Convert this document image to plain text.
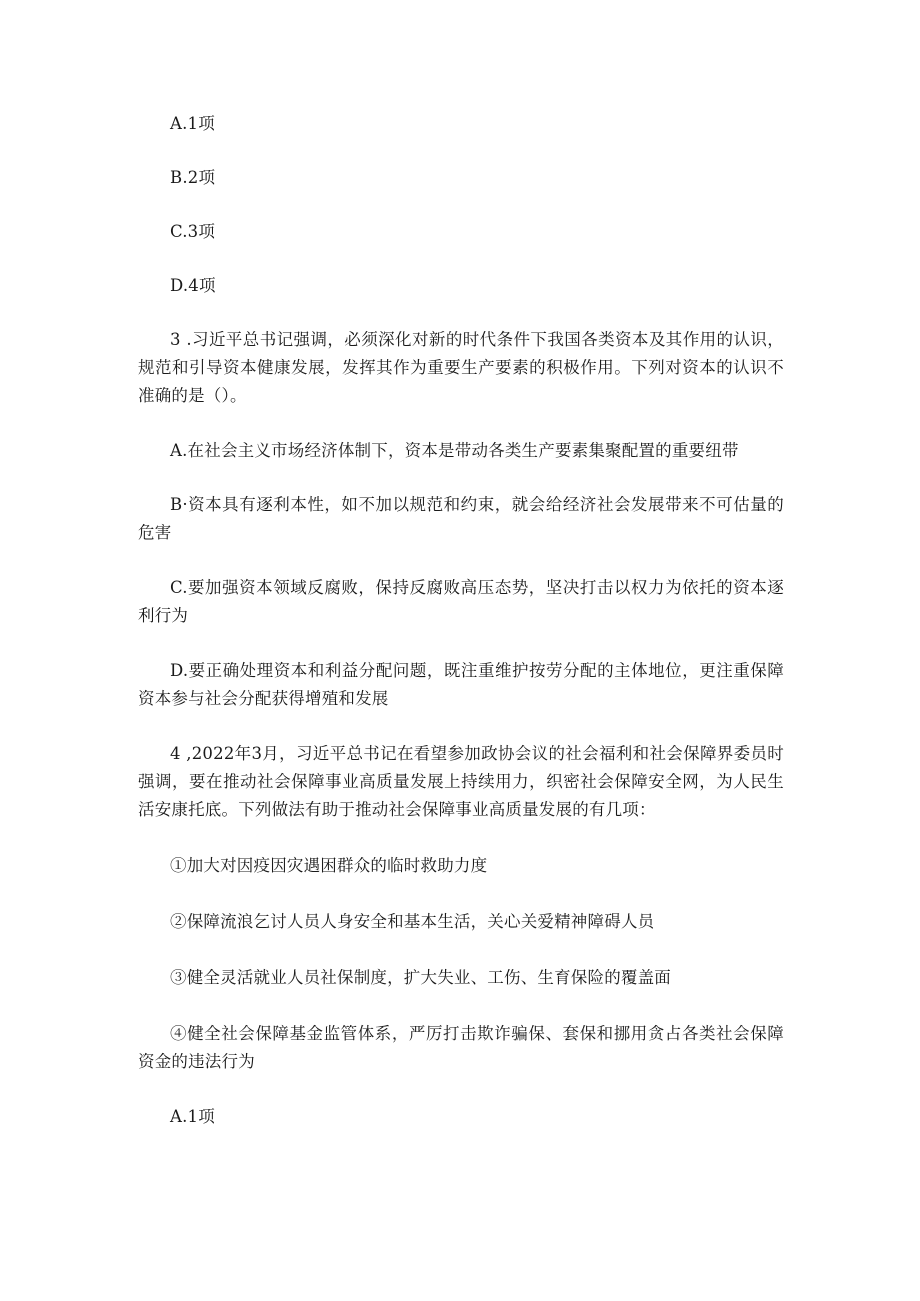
A.1项

B.2项

C.3项

D.4项

3 .习近平总书记强调，必须深化对新的时代条件下我国各类资本及其作用的认识，规范和引导资本健康发展，发挥其作为重要生产要素的积极作用。下列对资本的认识不准确的是（）。

A.在社会主义市场经济体制下，资本是带动各类生产要素集聚配置的重要纽带

B·资本具有逐利本性，如不加以规范和约束，就会给经济社会发展带来不可估量的危害

C.要加强资本领域反腐败，保持反腐败高压态势，坚决打击以权力为依托的资本逐利行为

D.要正确处理资本和利益分配问题，既注重维护按劳分配的主体地位，更注重保障资本参与社会分配获得增殖和发展

4 ,2022年3月，习近平总书记在看望参加政协会议的社会福利和社会保障界委员时强调，要在推动社会保障事业高质量发展上持续用力，织密社会保障安全网，为人民生活安康托底。下列做法有助于推动社会保障事业高质量发展的有几项：

①加大对因疫因灾遇困群众的临时救助力度

②保障流浪乞讨人员人身安全和基本生活，关心关爱精神障碍人员

③健全灵活就业人员社保制度，扩大失业、工伤、生育保险的覆盖面

④健全社会保障基金监管体系，严厉打击欺诈骗保、套保和挪用贪占各类社会保障资金的违法行为

A.1项
